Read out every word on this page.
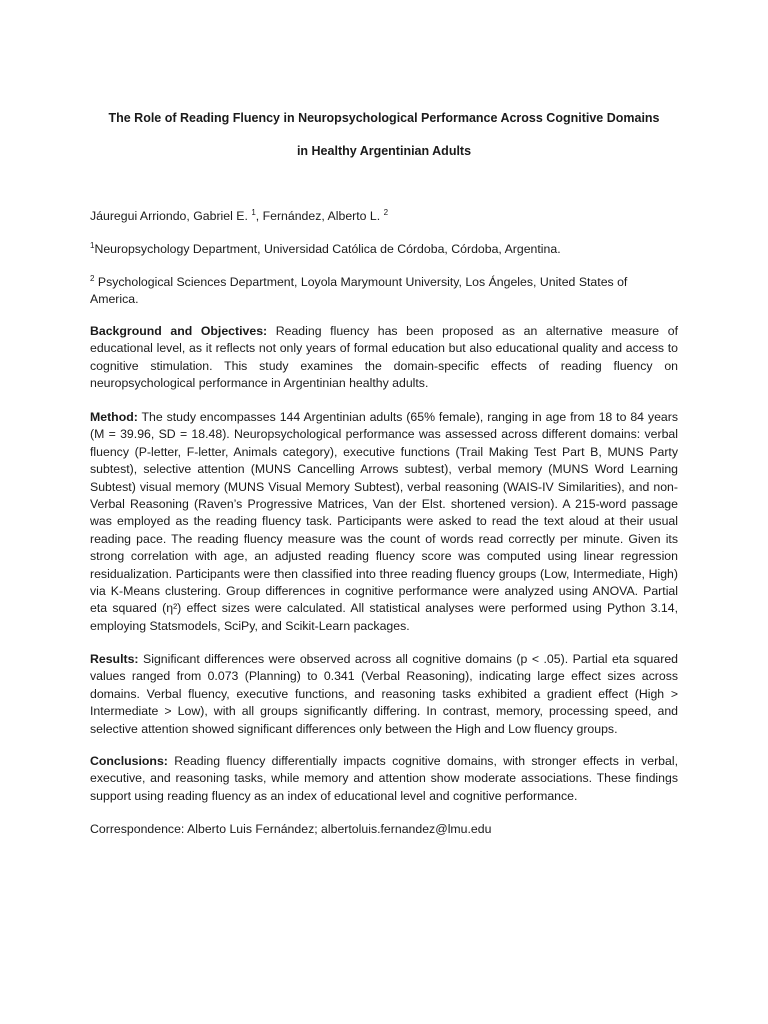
The Role of Reading Fluency in Neuropsychological Performance Across Cognitive Domains
in Healthy Argentinian Adults

Jáuregui Arriondo, Gabriel E. $^1$, Fernández, Alberto L. $^2$

$^1$Neuropsychology Department, Universidad Católica de Córdoba, Córdoba, Argentina.

$^2$ Psychological Sciences Department, Loyola Marymount University, Los Ángeles, United States of America.

Background and Objectives: Reading fluency has been proposed as an alternative measure of educational level, as it reflects not only years of formal education but also educational quality and access to cognitive stimulation. This study examines the domain-specific effects of reading fluency on neuropsychological performance in Argentinian healthy adults.

Method: The study encompasses 144 Argentinian adults (65% female), ranging in age from 18 to 84 years (M = 39.96, SD = 18.48). Neuropsychological performance was assessed across different domains: verbal fluency (P-letter, F-letter, Animals category), executive functions (Trail Making Test Part B, MUNS Party subtest), selective attention (MUNS Cancelling Arrows subtest), verbal memory (MUNS Word Learning Subtest) visual memory (MUNS Visual Memory Subtest), verbal reasoning (WAIS-IV Similarities), and non-Verbal Reasoning (Raven’s Progressive Matrices, Van der Elst. shortened version). A 215-word passage was employed as the reading fluency task. Participants were asked to read the text aloud at their usual reading pace. The reading fluency measure was the count of words read correctly per minute. Given its strong correlation with age, an adjusted reading fluency score was computed using linear regression residualization. Participants were then classified into three reading fluency groups (Low, Intermediate, High) via K-Means clustering. Group differences in cognitive performance were analyzed using ANOVA. Partial eta squared (η²) effect sizes were calculated. All statistical analyses were performed using Python 3.14, employing Statsmodels, SciPy, and Scikit-Learn packages.

Results: Significant differences were observed across all cognitive domains (p < .05). Partial eta squared values ranged from 0.073 (Planning) to 0.341 (Verbal Reasoning), indicating large effect sizes across domains. Verbal fluency, executive functions, and reasoning tasks exhibited a gradient effect (High > Intermediate > Low), with all groups significantly differing. In contrast, memory, processing speed, and selective attention showed significant differences only between the High and Low fluency groups.

Conclusions: Reading fluency differentially impacts cognitive domains, with stronger effects in verbal, executive, and reasoning tasks, while memory and attention show moderate associations. These findings support using reading fluency as an index of educational level and cognitive performance.

Correspondence: Alberto Luis Fernández; albertoluis.fernandez@lmu.edu
